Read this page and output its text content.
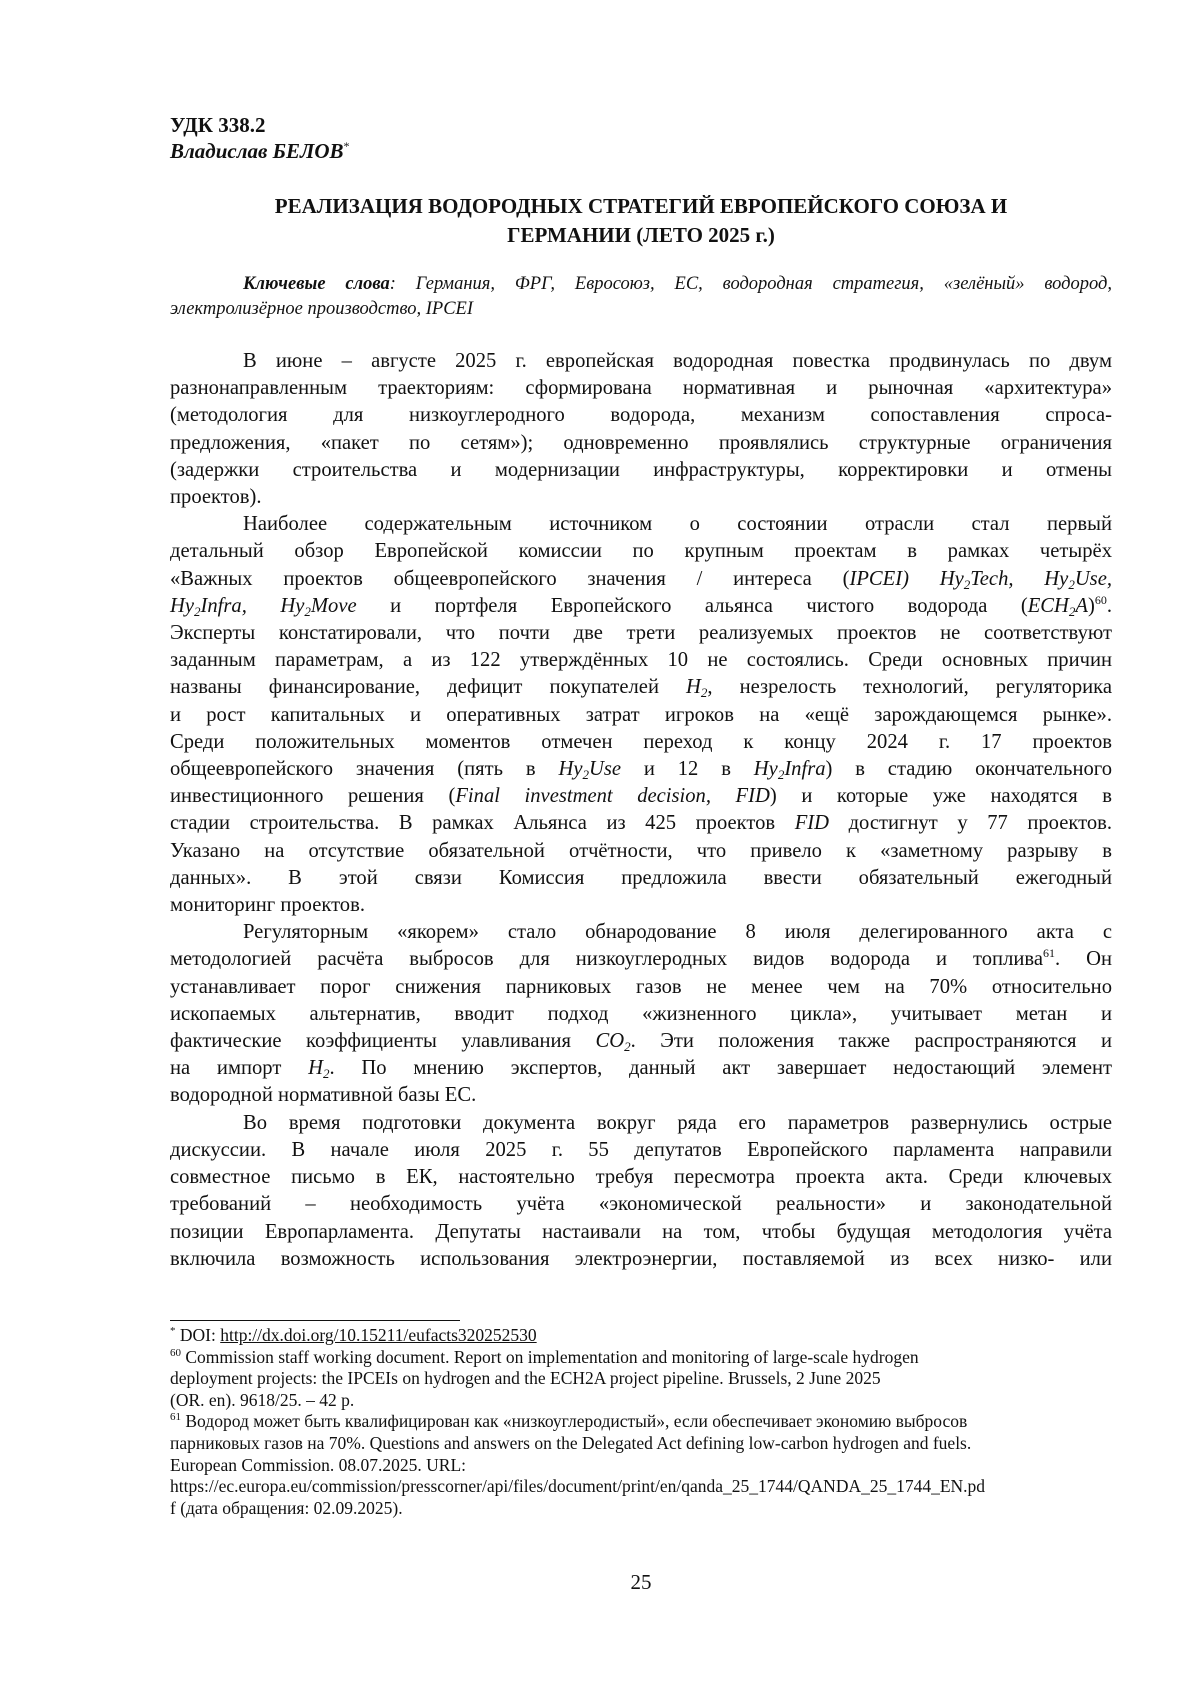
УДК 338.2
Владислав БЕЛОВ*
РЕАЛИЗАЦИЯ ВОДОРОДНЫХ СТРАТЕГИЙ ЕВРОПЕЙСКОГО СОЮЗА И
ГЕРМАНИИ (ЛЕТО 2025 г.)
Ключевые слова: Германия, ФРГ, Евросоюз, ЕС, водородная стратегия, «зелёный» водород,
электролизёрное производство, IPCEI

В июне – августе 2025 г. европейская водородная повестка продвинулась по двум
разнонаправленным траекториям: сформирована нормативная и рыночная «архитектура»
(методология для низкоуглеродного водорода, механизм сопоставления спроса-
предложения, «пакет по сетям»); одновременно проявлялись структурные ограничения
(задержки строительства и модернизации инфраструктуры, корректировки и отмены
проектов).

Наиболее содержательным источником о состоянии отрасли стал первый
детальный обзор Европейской комиссии по крупным проектам в рамках четырёх
«Важных проектов общеевропейского значения / интереса (IPCEI) $Hy_2Tech$, $Hy_2Use$,
$Hy_2Infra$, $Hy_2Move$ и портфеля Европейского альянса чистого водорода $(ECH_2A)^{60}$.
Эксперты констатировали, что почти две трети реализуемых проектов не соответствуют
заданным параметрам, а из 122 утверждённых 10 не состоялись. Среди основных причин
названы финансирование, дефицит покупателей $H_2$, незрелость технологий, регуляторика
и рост капитальных и оперативных затрат игроков на «ещё зарождающемся рынке».
Среди положительных моментов отмечен переход к концу 2024 г. 17 проектов
общеевропейского значения (пять в $Hy_2Use$ и 12 в $Hy_2Infra$) в стадию окончательного
инвестиционного решения (Final investment decision, FID) и которые уже находятся в
стадии строительства. В рамках Альянса из 425 проектов FID достигнут у 77 проектов.
Указано на отсутствие обязательной отчётности, что привело к «заметному разрыву в
данных». В этой связи Комиссия предложила ввести обязательный ежегодный
мониторинг проектов.

Регуляторным «якорем» стало обнародование 8 июля делегированного акта с
методологией расчёта выбросов для низкоуглеродных видов водорода и топлива$^{61}$. Он
устанавливает порог снижения парниковых газов не менее чем на 70% относительно
ископаемых альтернатив, вводит подход «жизненного цикла», учитывает метан и
фактические коэффициенты улавливания $CO_2$. Эти положения также распространяются и
на импорт $H_2$. По мнению экспертов, данный акт завершает недостающий элемент
водородной нормативной базы ЕС.

Во время подготовки документа вокруг ряда его параметров развернулись острые
дискуссии. В начале июля 2025 г. 55 депутатов Европейского парламента направили
совместное письмо в ЕК, настоятельно требуя пересмотра проекта акта. Среди ключевых
требований – необходимость учёта «экономической реальности» и законодательной
позиции Европарламента. Депутаты настаивали на том, чтобы будущая методология учёта
включила возможность использования электроэнергии, поставляемой из всех низко- или

* DOI: http://dx.doi.org/10.15211/eufacts320252530

$^{60}$ Commission staff working document. Report on implementation and monitoring of large-scale hydrogen
deployment projects: the IPCEIs on hydrogen and the ECH2A project pipeline. Brussels, 2 June 2025
(OR. en). 9618/25. – 42 p.

$^{61}$ Водород может быть квалифицирован как «низкоуглеродистый», если обеспечивает экономию выбросов
парниковых газов на 70%. Questions and answers on the Delegated Act defining low-carbon hydrogen and fuels.
European Commission. 08.07.2025. URL:
https://ec.europa.eu/commission/presscorner/api/files/document/print/en/qanda_25_1744/QANDA_25_1744_EN.pd
f (дата обращения: 02.09.2025).

25
